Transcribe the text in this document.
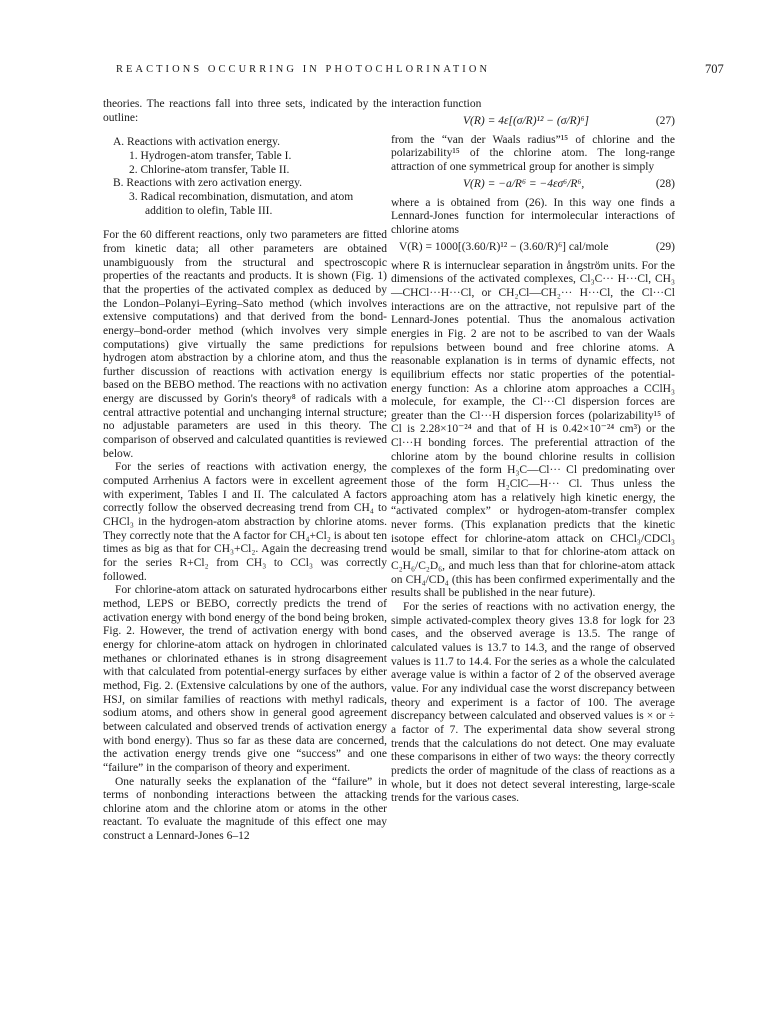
REACTIONS OCCURRING IN PHOTOCHLORINATION	707

theories. The reactions fall into three sets, indicated by the outline:

A. Reactions with activation energy.
1. Hydrogen-atom transfer, Table I.
2. Chlorine-atom transfer, Table II.
B. Reactions with zero activation energy.
3. Radical recombination, dismutation, and atom
addition to olefin, Table III.

For the 60 different reactions, only two parameters are fitted from kinetic data; all other parameters are obtained unambiguously from the structural and spectroscopic properties of the reactants and products. It is shown (Fig. 1) that the properties of the activated complex as deduced by the London–Polanyi–Eyring–Sato method (which involves extensive computations) and that derived from the bond-energy–bond-order method (which involves very simple computations) give virtually the same predictions for hydrogen atom abstraction by a chlorine atom, and thus the further discussion of reactions with activation energy is based on the BEBO method. The reactions with no activation energy are discussed by Gorin's theory⁸ of radicals with a central attractive potential and unchanging internal structure; no adjustable parameters are used in this theory. The comparison of observed and calculated quantities is reviewed below.

For the series of reactions with activation energy, the computed Arrhenius A factors were in excellent agreement with experiment, Tables I and II. The calculated A factors correctly follow the observed decreasing trend from CH₄ to CHCl₃ in the hydrogen-atom abstraction by chlorine atoms. They correctly note that the A factor for CH₄+Cl₂ is about ten times as big as that for CH₃+Cl₂. Again the decreasing trend for the series R+Cl₂ from CH₃ to CCl₃ was correctly followed.

For chlorine-atom attack on saturated hydrocarbons either method, LEPS or BEBO, correctly predicts the trend of activation energy with bond energy of the bond being broken, Fig. 2. However, the trend of activation energy with bond energy for chlorine-atom attack on hydrogen in chlorinated methanes or chlorinated ethanes is in strong disagreement with that calculated from potential-energy surfaces by either method, Fig. 2. (Extensive calculations by one of the authors, HSJ, on similar families of reactions with methyl radicals, sodium atoms, and others show in general good agreement between calculated and observed trends of activation energy with bond energy). Thus so far as these data are concerned, the activation energy trends give one “success” and one “failure” in the comparison of theory and experiment.

One naturally seeks the explanation of the “failure” in terms of nonbonding interactions between the attacking chlorine atom and the chlorine atom or atoms in the other reactant. To evaluate the magnitude of this effect one may construct a Lennard-Jones 6–12

interaction function

V(R) = 4ε[(σ/R)¹² − (σ/R)⁶]	(27)

from the “van der Waals radius”¹⁵ of chlorine and the polarizability¹⁵ of the chlorine atom. The long-range attraction of one symmetrical group for another is simply

V(R) = −a/R⁶ = −4εσ⁶/R⁶,	(28)

where a is obtained from (26). In this way one finds a Lennard-Jones function for intermolecular interactions of chlorine atoms

V(R) = 1000[(3.60/R)¹² − (3.60/R)⁶] cal/mole	(29)

where R is internuclear separation in ångström units. For the dimensions of the activated complexes, Cl₃C··· H···Cl, CH₃—CHCl···H···Cl, or CH₂Cl—CH₂··· H···Cl, the Cl···Cl interactions are on the attractive, not repulsive part of the Lennard-Jones potential. Thus the anomalous activation energies in Fig. 2 are not to be ascribed to van der Waals repulsions between bound and free chlorine atoms. A reasonable explanation is in terms of dynamic effects, not equilibrium effects nor static properties of the potential-energy function: As a chlorine atom approaches a CClH₃ molecule, for example, the Cl···Cl dispersion forces are greater than the Cl···H dispersion forces (polarizability¹⁵ of Cl is 2.28×10⁻²⁴ and that of H is 0.42×10⁻²⁴ cm³) or the Cl···H bonding forces. The preferential attraction of the chlorine atom by the bound chlorine results in collision complexes of the form H₃C—Cl··· Cl predominating over those of the form H₂ClC—H··· Cl. Thus unless the approaching atom has a relatively high kinetic energy, the “activated complex” or hydrogen-atom-transfer complex never forms. (This explanation predicts that the kinetic isotope effect for chlorine-atom attack on CHCl₃/CDCl₃ would be small, similar to that for chlorine-atom attack on C₂H₆/C₂D₆, and much less than that for chlorine-atom attack on CH₄/CD₄ (this has been confirmed experimentally and the results shall be published in the near future).

For the series of reactions with no activation energy, the simple activated-complex theory gives 13.8 for logk for 23 cases, and the observed average is 13.5. The range of calculated values is 13.7 to 14.3, and the range of observed values is 11.7 to 14.4. For the series as a whole the calculated average value is within a factor of 2 of the observed average value. For any individual case the worst discrepancy between theory and experiment is a factor of 100. The average discrepancy between calculated and observed values is × or ÷ a factor of 7. The experimental data show several strong trends that the calculations do not detect. One may evaluate these comparisons in either of two ways: the theory correctly predicts the order of magnitude of the class of reactions as a whole, but it does not detect several interesting, large-scale trends for the various cases.
